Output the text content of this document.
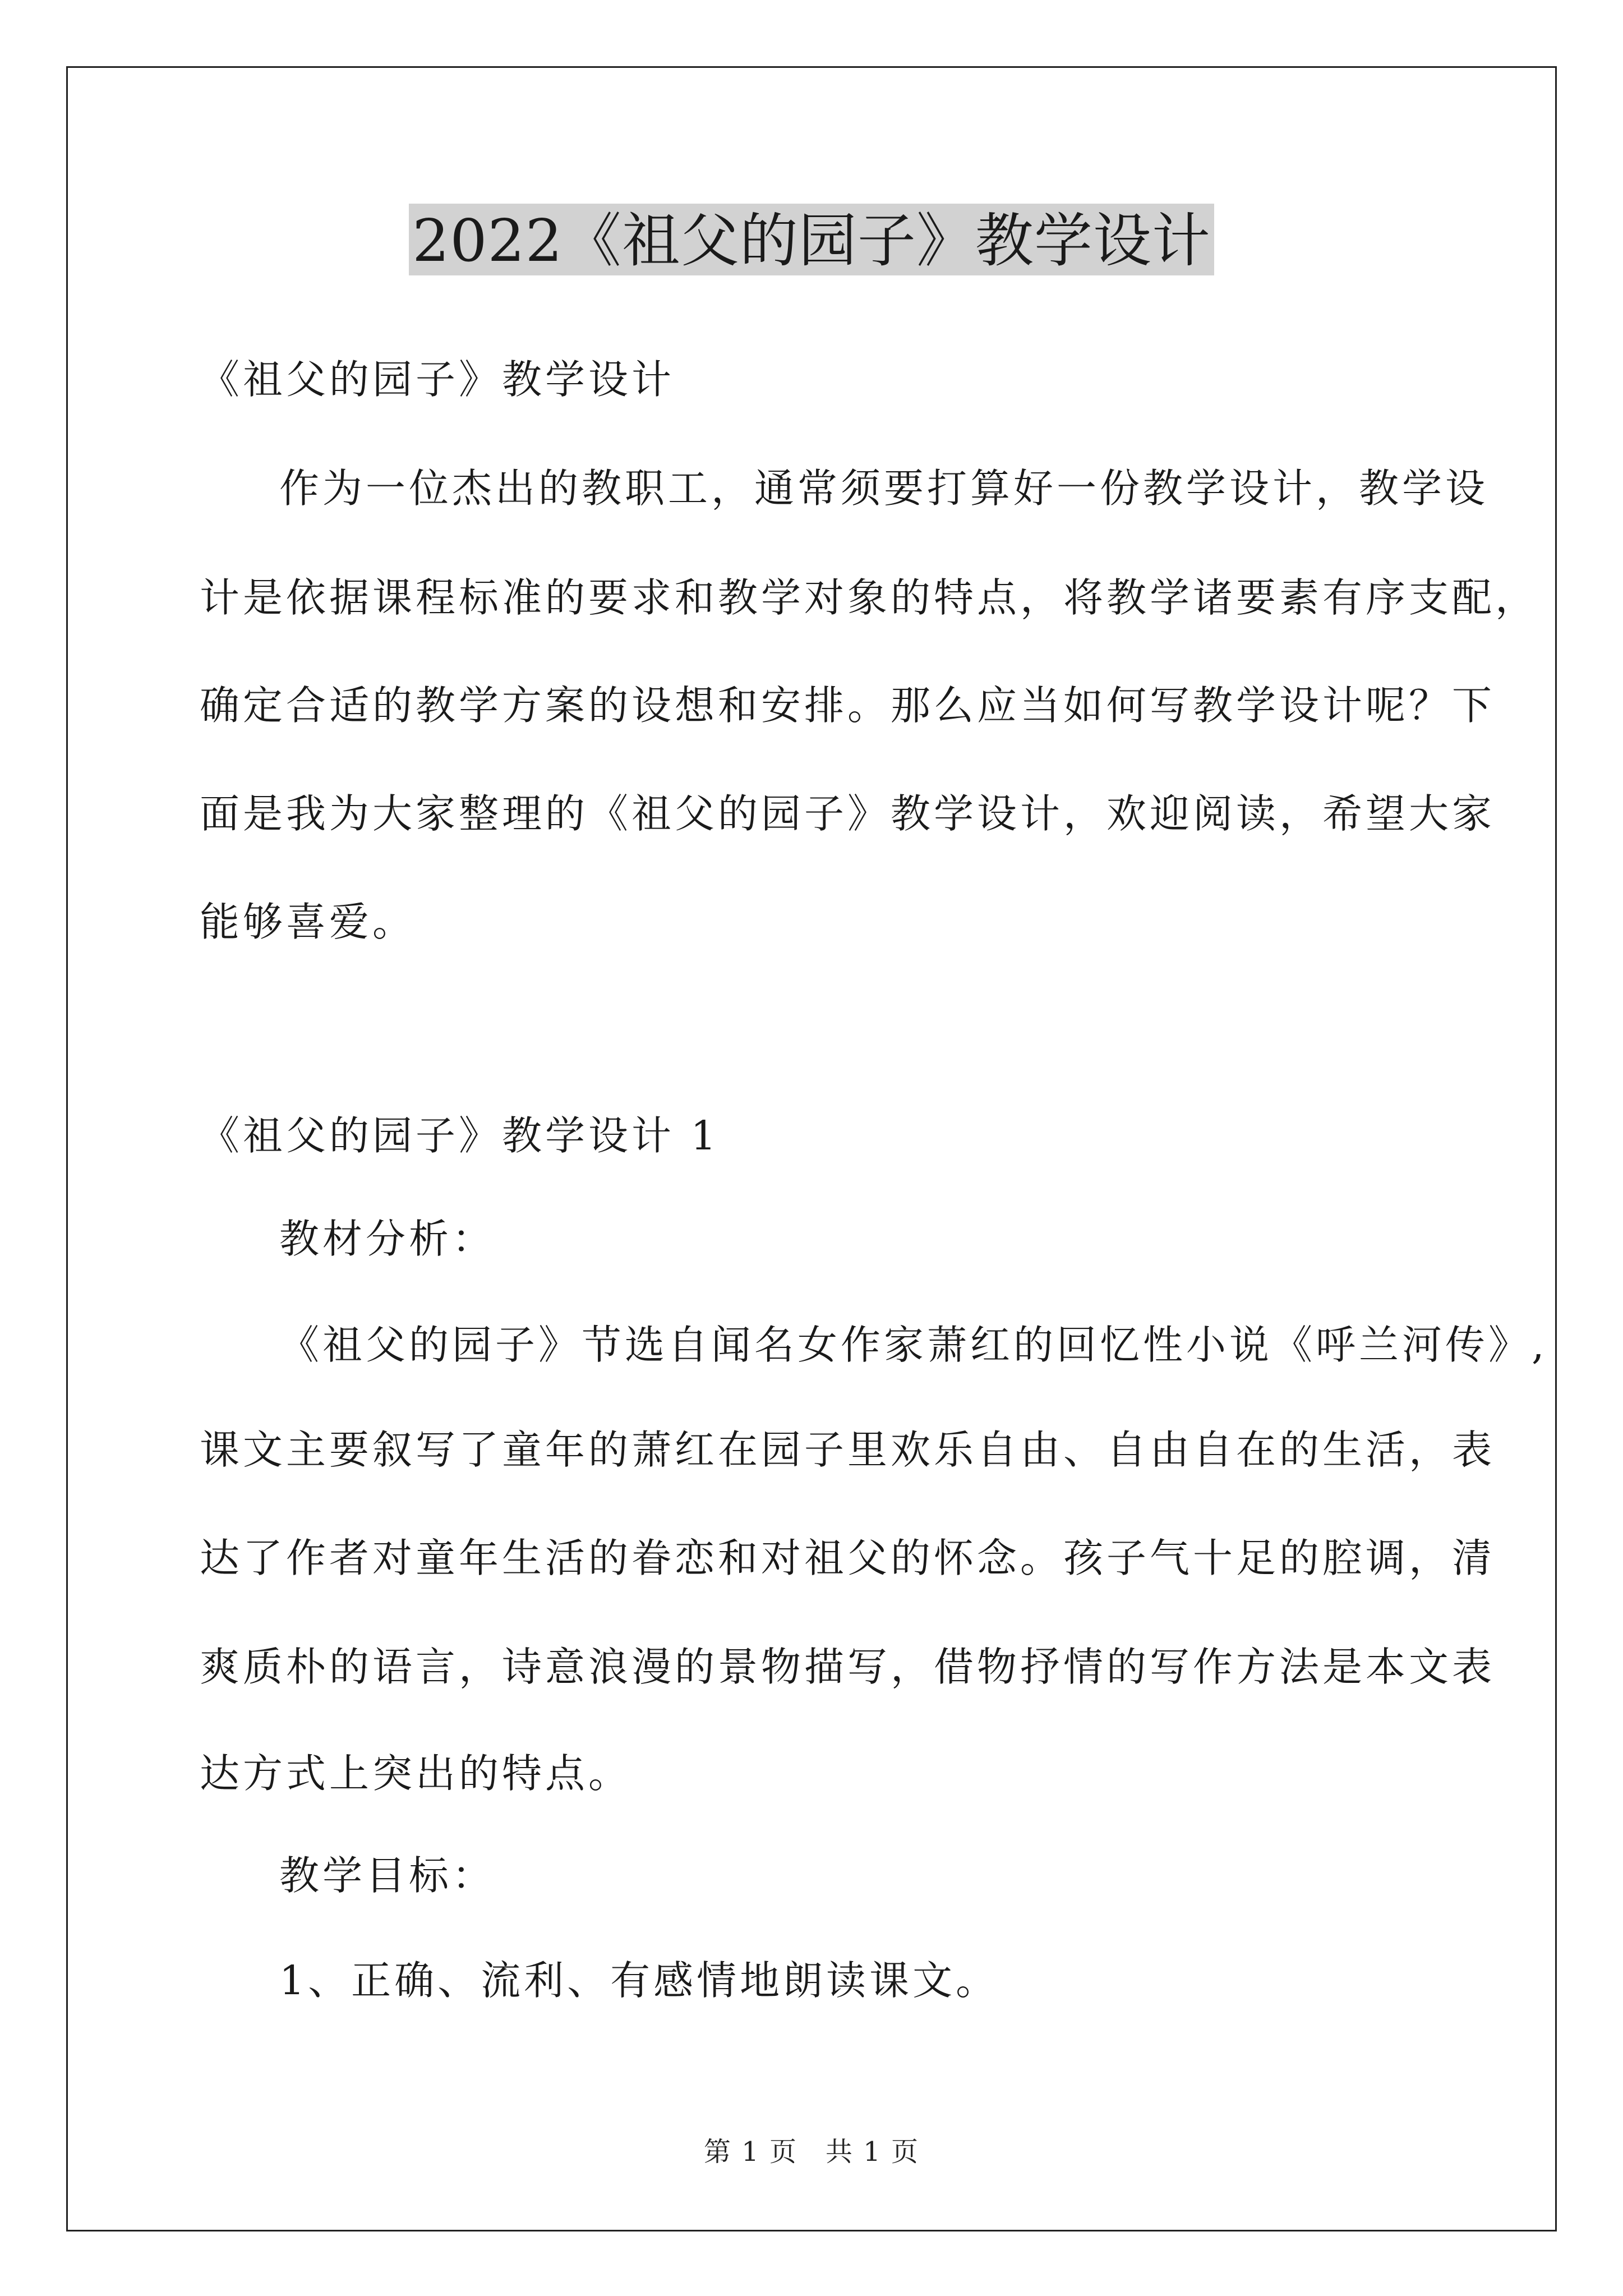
2022《祖父的园子》教学设计

《祖父的园子》教学设计

作为一位杰出的教职工，通常须要打算好一份教学设计，教学设

计是依据课程标准的要求和教学对象的特点，将教学诸要素有序支配，

确定合适的教学方案的设想和安排。那么应当如何写教学设计呢？下

面是我为大家整理的《祖父的园子》教学设计，欢迎阅读，希望大家

能够喜爱。

《祖父的园子》教学设计 1

教材分析：

《祖父的园子》节选自闻名女作家萧红的回忆性小说《呼兰河传》,

课文主要叙写了童年的萧红在园子里欢乐自由、自由自在的生活，表

达了作者对童年生活的眷恋和对祖父的怀念。孩子气十足的腔调，清

爽质朴的语言，诗意浪漫的景物描写，借物抒情的写作方法是本文表

达方式上突出的特点。

教学目标：

1、正确、流利、有感情地朗读课文。

第 1 页　共 1 页
